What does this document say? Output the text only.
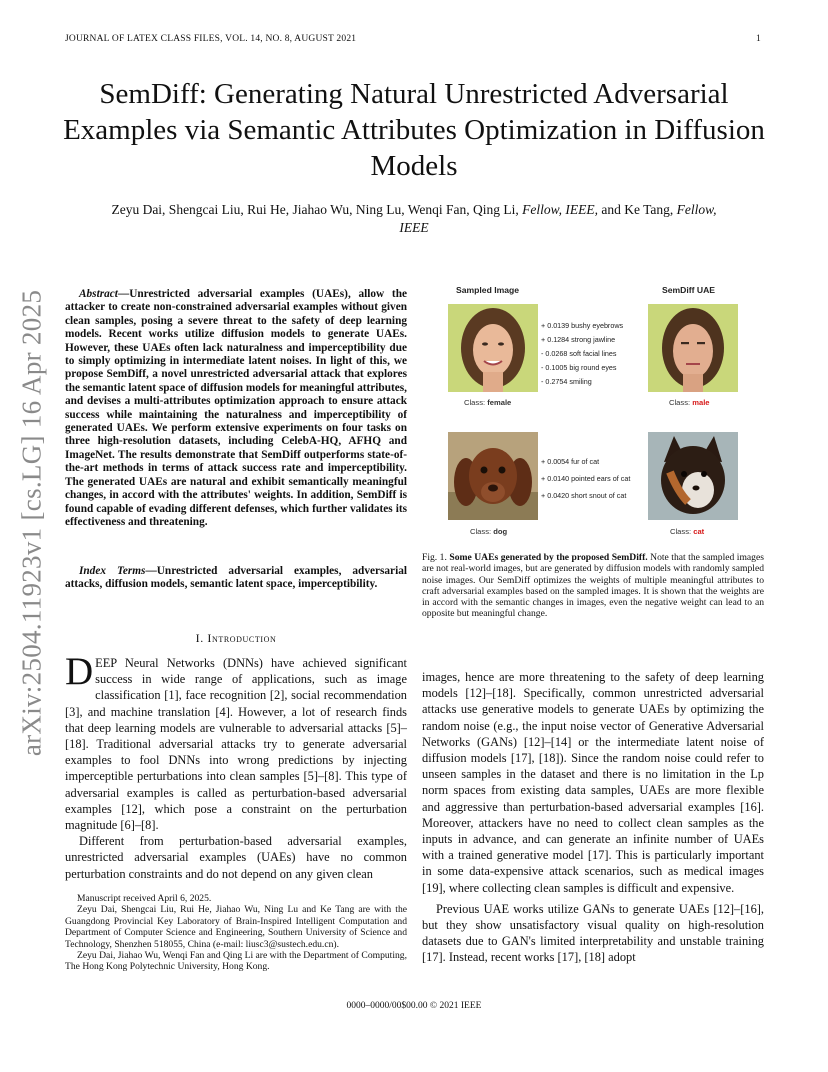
JOURNAL OF LATEX CLASS FILES, VOL. 14, NO. 8, AUGUST 2021	1
SemDiff: Generating Natural Unrestricted Adversarial Examples via Semantic Attributes Optimization in Diffusion Models
Zeyu Dai, Shengcai Liu, Rui He, Jiahao Wu, Ning Lu, Wenqi Fan, Qing Li, Fellow, IEEE, and Ke Tang, Fellow, IEEE
arXiv:2504.11923v1 [cs.LG] 16 Apr 2025	Abstract—Unrestricted adversarial examples (UAEs), allow the attacker to create non-constrained adversarial examples without given clean samples, posing a severe threat to the safety of deep learning models. Recent works utilize diffusion models to generate UAEs. However, these UAEs often lack naturalness and imperceptibility due to simply optimizing in intermediate latent noises. In light of this, we propose SemDiff, a novel unrestricted adversarial attack that explores the semantic latent space of diffusion models for meaningful attributes, and devises a multi-attributes optimization approach to ensure attack success while maintaining the naturalness and imperceptibility of generated UAEs. We perform extensive experiments on four tasks on three high-resolution datasets, including CelebA-HQ, AFHQ and ImageNet. The results demonstrate that SemDiff outperforms state-of-the-art methods in terms of attack success rate and imperceptibility. The generated UAEs are natural and exhibit semantically meaningful changes, in accord with the attributes' weights. In addition, SemDiff is found capable of evading different defenses, which further validates its effectiveness and threatening.
Index Terms—Unrestricted adversarial examples, adversarial attacks, diffusion models, semantic latent space, imperceptibility.
I. Introduction

DEEP Neural Networks (DNNs) have achieved significant success in wide range of applications, such as image classification [1], face recognition [2], social recommendation [3], and machine translation [4]. However, a lot of research finds that deep learning models are vulnerable to adversarial attacks [5]–[18]. Traditional adversarial attacks try to generate adversarial examples to fool DNNs into wrong predictions by injecting imperceptible perturbations into clean samples [5]–[8]. This type of adversarial examples is called as perturbation-based adversarial examples [12], which pose a constraint on the perturbation magnitude [6]–[8].

Different from perturbation-based adversarial examples, unrestricted adversarial examples (UAEs) have no common perturbation constraints and do not depend on any given clean

Manuscript received April 6, 2025.

Zeyu Dai, Shengcai Liu, Rui He, Jiahao Wu, Ning Lu and Ke Tang are with the Guangdong Provincial Key Laboratory of Brain-Inspired Intelligent Computation and Department of Computer Science and Engineering, Southern University of Science and Technology, Shenzhen 518055, China (e-mail: liusc3@sustech.edu.cn).

Zeyu Dai, Jiahao Wu, Wenqi Fan and Qing Li are with the Department of Computing, The Hong Kong Polytechnic University, Hong Kong.

Sampled Image	SemDiff UAE
+ 0.0139 bushy eyebrows
+ 0.1284 strong jawline
- 0.0268 soft facial lines
- 0.1005 big round eyes
- 0.2754 smiling
Class: female	Class: male
+ 0.0054 fur of cat
+ 0.0140 pointed ears of cat
+ 0.0420 short snout of cat
Class: dog	Class: cat
Fig. 1. Some UAEs generated by the proposed SemDiff. Note that the sampled images are not real-world images, but are generated by diffusion models with randomly sampled noise images. Our SemDiff optimizes the weights of multiple meaningful attributes to craft adversarial examples based on the sampled images. It is shown that the weights are in accord with the semantic changes in images, even the negative weight can lead to an opposite but meaningful change.

images, hence are more threatening to the safety of deep learning models [12]–[18]. Specifically, common unrestricted adversarial attacks use generative models to generate UAEs by optimizing the random noise (e.g., the input noise vector of Generative Adversarial Networks (GANs) [12]–[14] or the intermediate latent noise of diffusion models [17], [18]). Since the random noise could refer to unseen samples in the dataset and there is no limitation in the Lp norm spaces from existing data samples, UAEs are more flexible and aggressive than perturbation-based adversarial examples [16]. Moreover, attackers have no need to collect clean samples as the inputs in advance, and can generate an infinite number of UAEs with a trained generative model [17]. This is particularly important in some data-expensive attack scenarios, such as medical images [19], where collecting clean samples is difficult and expensive.

Previous UAE works utilize GANs to generate UAEs [12]–[16], but they show unsatisfactory visual quality on high-resolution datasets due to GAN's limited interpretability and unstable training [17]. Instead, recent works [17], [18] adopt

0000–0000/00$00.00 © 2021 IEEE
